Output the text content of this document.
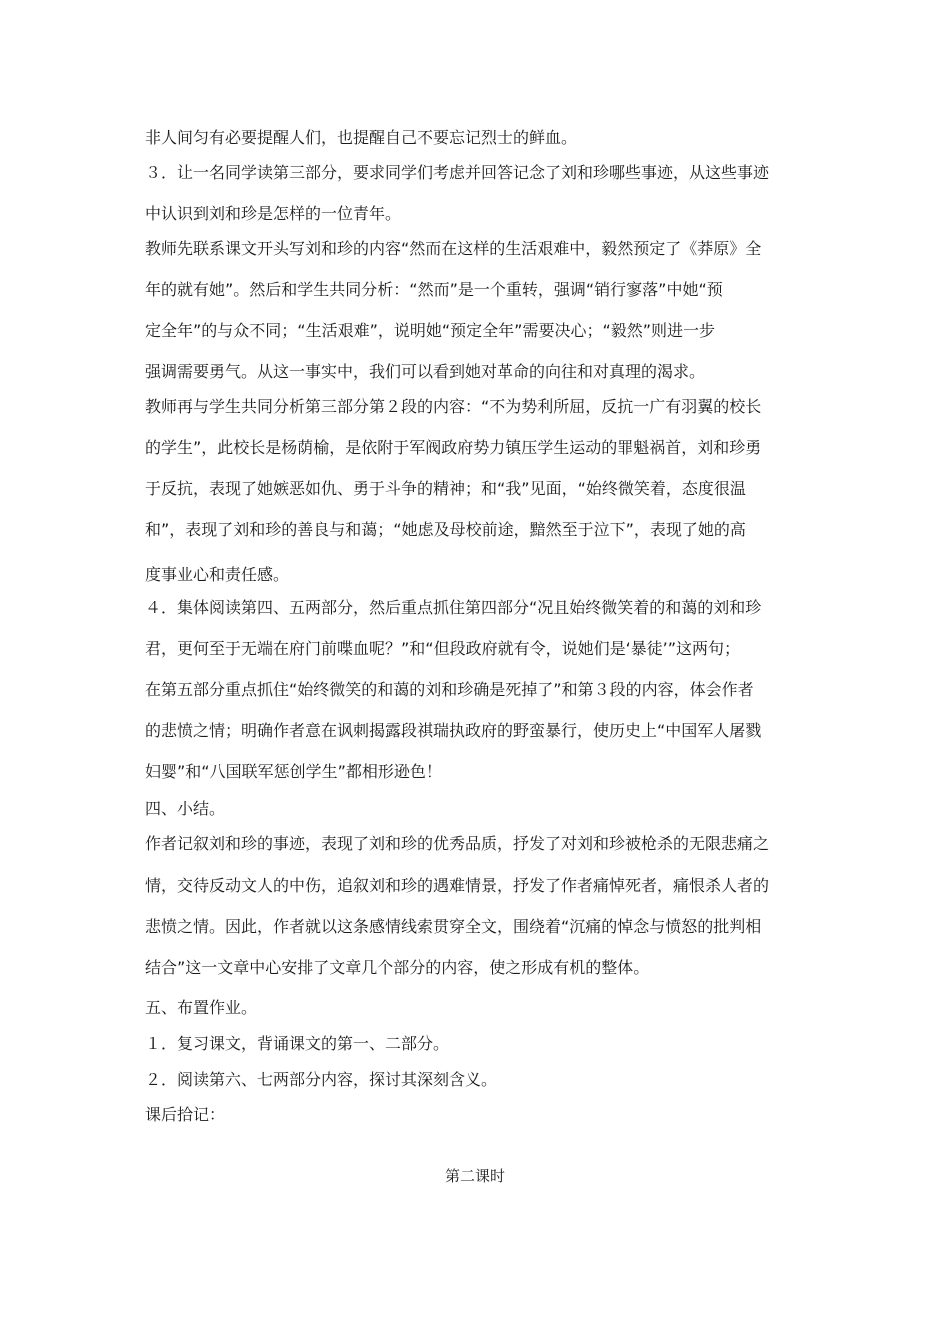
非人间匀有必要提醒人们，也提醒自己不要忘记烈士的鲜血。
３．让一名同学读第三部分，要求同学们考虑并回答记念了刘和珍哪些事迹，从这些事迹
中认识到刘和珍是怎样的一位青年。
教师先联系课文开头写刘和珍的内容“然而在这样的生活艰难中，毅然预定了《莽原》全
年的就有她”。然后和学生共同分析：“然而”是一个重转，强调“销行寥落”中她“预
定全年”的与众不同；“生活艰难”，说明她“预定全年”需要决心；“毅然”则进一步
强调需要勇气。从这一事实中，我们可以看到她对革命的向往和对真理的渴求。
教师再与学生共同分析第三部分第２段的内容：“不为势利所屈，反抗一广有羽翼的校长
的学生”，此校长是杨荫榆，是依附于军阀政府势力镇压学生运动的罪魁祸首，刘和珍勇
于反抗，表现了她嫉恶如仇、勇于斗争的精神；和“我”见面，“始终微笑着，态度很温
和”，表现了刘和珍的善良与和蔼；“她虑及母校前途，黯然至于泣下”，表现了她的高
度事业心和责任感。
４．集体阅读第四、五两部分，然后重点抓住第四部分“况且始终微笑着的和蔼的刘和珍
君，更何至于无端在府门前喋血呢？”和“但段政府就有令，说她们是‘暴徒’”这两句；
在第五部分重点抓住“始终微笑的和蔼的刘和珍确是死掉了”和第３段的内容，体会作者
的悲愤之情；明确作者意在讽刺揭露段祺瑞执政府的野蛮暴行，使历史上“中国军人屠戮
妇婴”和“八国联军惩创学生”都相形逊色！
四、小结。
作者记叙刘和珍的事迹，表现了刘和珍的优秀品质，抒发了对刘和珍被枪杀的无限悲痛之
情，交待反动文人的中伤，追叙刘和珍的遇难情景，抒发了作者痛悼死者，痛恨杀人者的
悲愤之情。因此，作者就以这条感情线索贯穿全文，围绕着“沉痛的悼念与愤怒的批判相
结合”这一文章中心安排了文章几个部分的内容，使之形成有机的整体。
五、布置作业。
１．复习课文，背诵课文的第一、二部分。
２．阅读第六、七两部分内容，探讨其深刻含义。
课后拾记：
第二课时
